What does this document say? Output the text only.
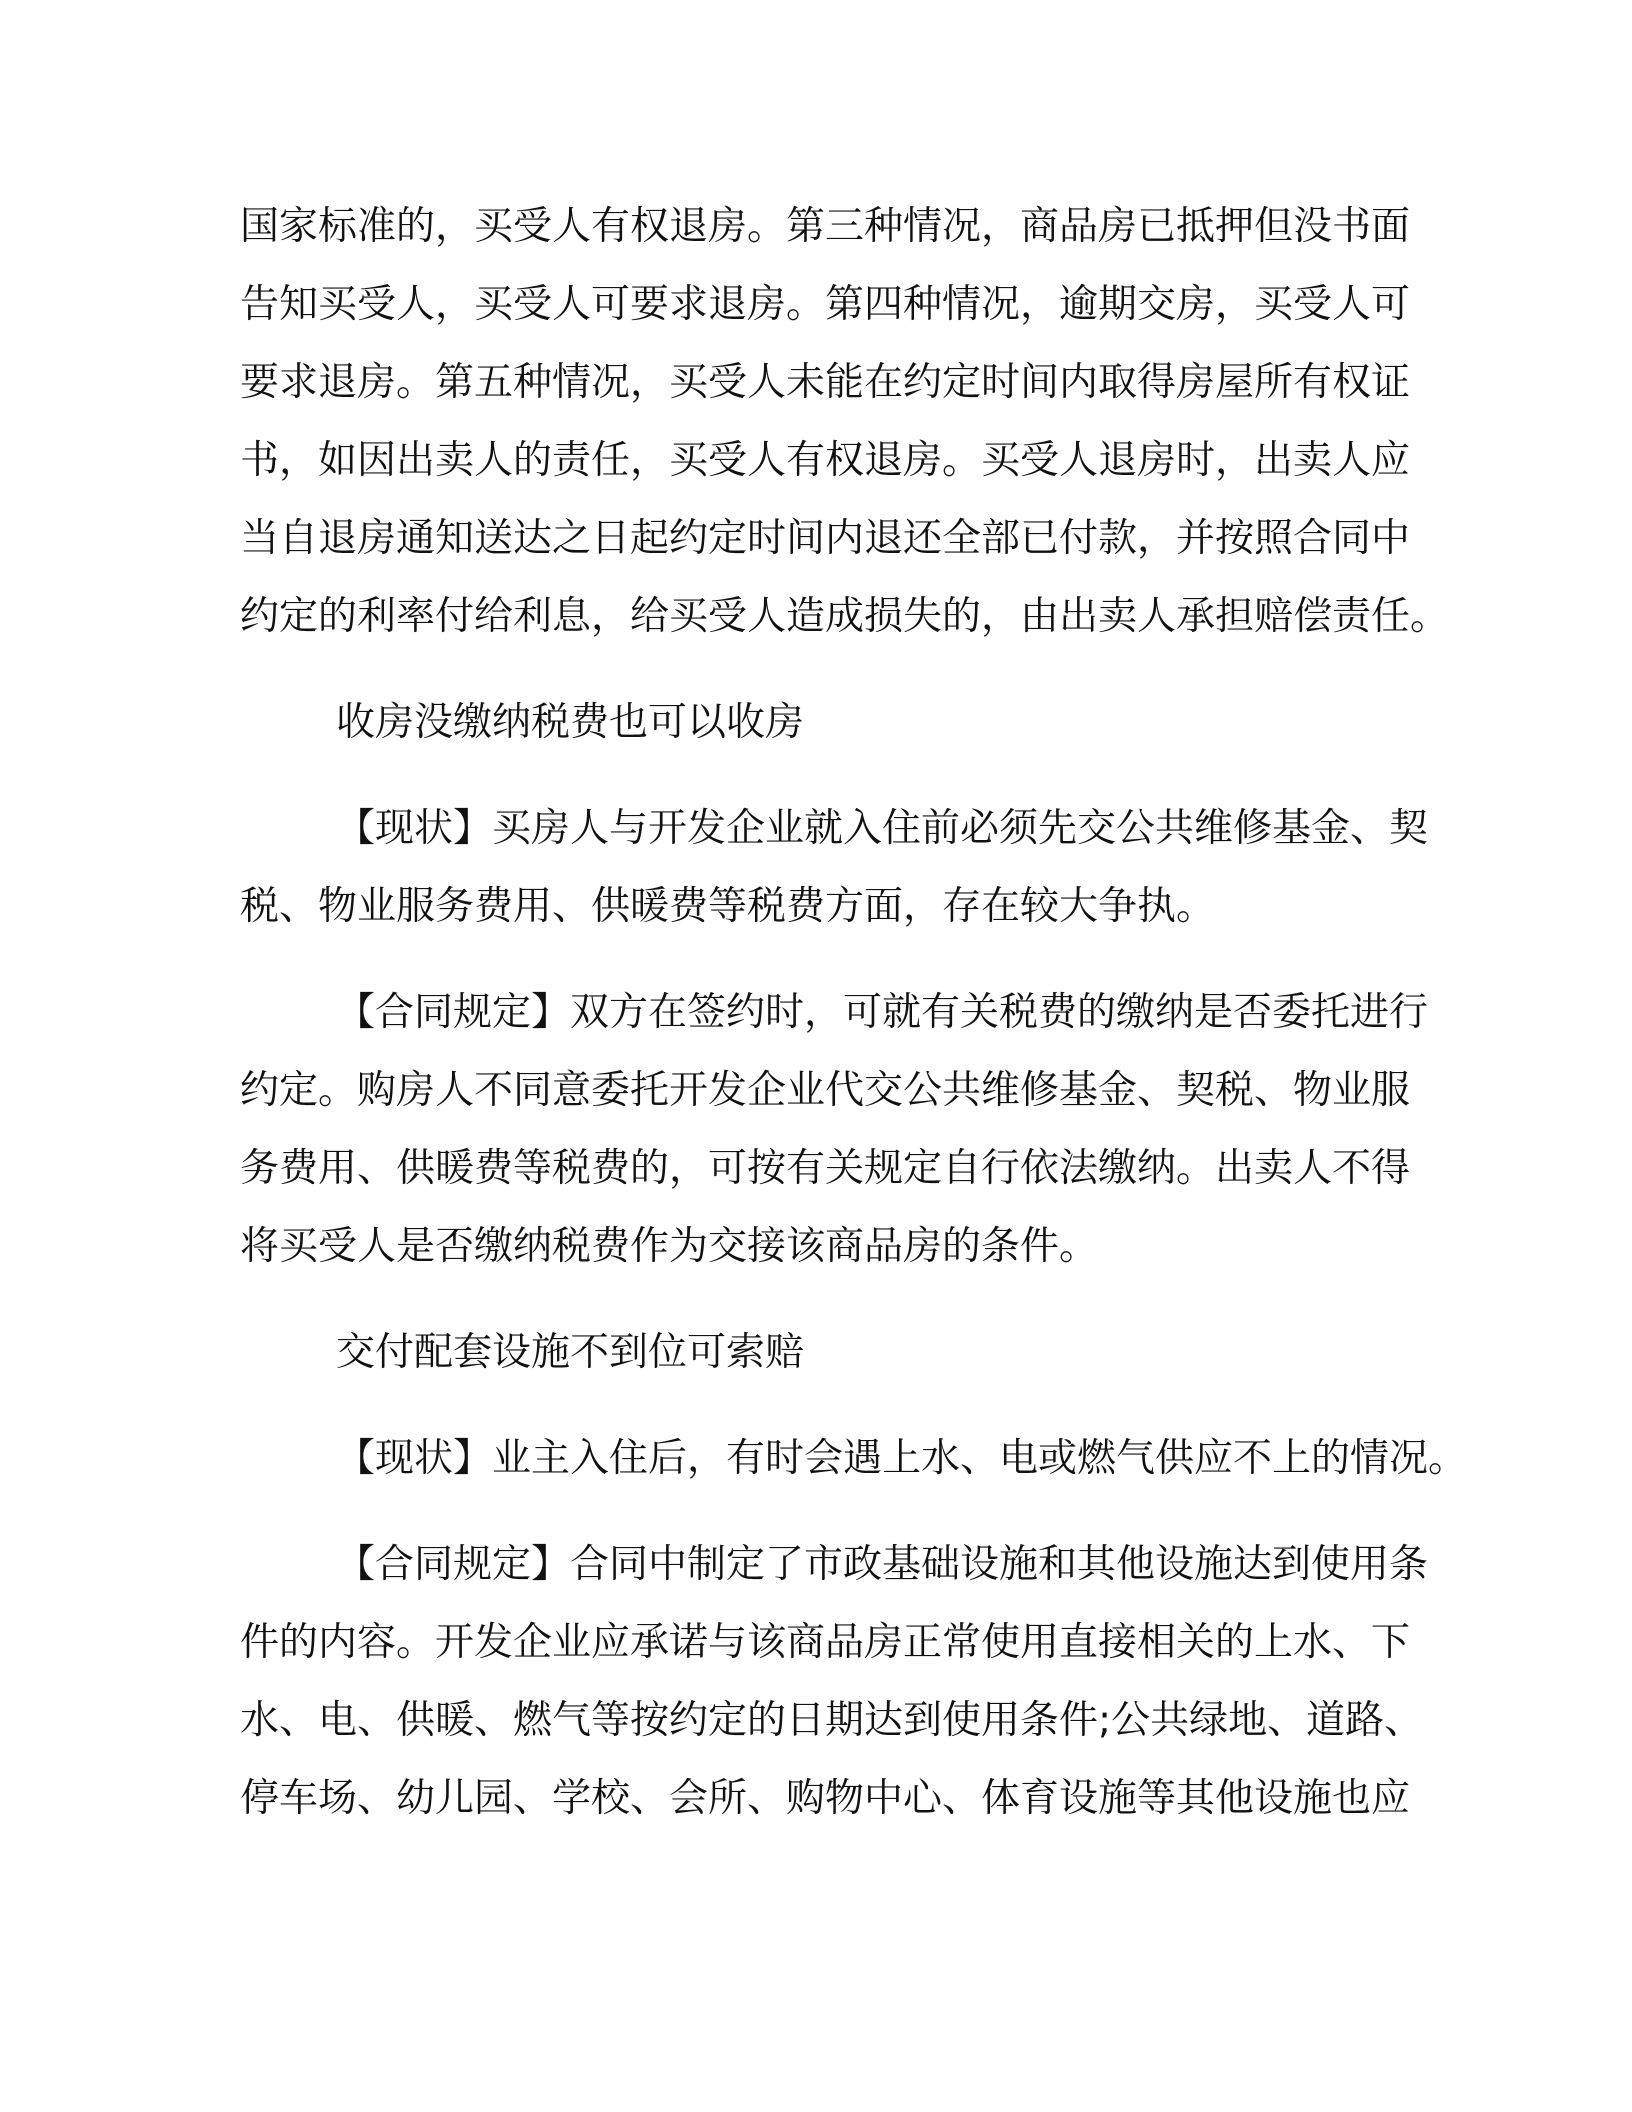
国家标准的，买受人有权退房。第三种情况，商品房已抵押但没书面
告知买受人，买受人可要求退房。第四种情况，逾期交房，买受人可
要求退房。第五种情况，买受人未能在约定时间内取得房屋所有权证
书，如因出卖人的责任，买受人有权退房。买受人退房时，出卖人应
当自退房通知送达之日起约定时间内退还全部已付款，并按照合同中
约定的利率付给利息，给买受人造成损失的，由出卖人承担赔偿责任。
收房没缴纳税费也可以收房
【现状】买房人与开发企业就入住前必须先交公共维修基金、契
税、物业服务费用、供暖费等税费方面，存在较大争执。
【合同规定】双方在签约时，可就有关税费的缴纳是否委托进行
约定。购房人不同意委托开发企业代交公共维修基金、契税、物业服
务费用、供暖费等税费的，可按有关规定自行依法缴纳。出卖人不得
将买受人是否缴纳税费作为交接该商品房的条件。
交付配套设施不到位可索赔
【现状】业主入住后，有时会遇上水、电或燃气供应不上的情况。
【合同规定】合同中制定了市政基础设施和其他设施达到使用条
件的内容。开发企业应承诺与该商品房正常使用直接相关的上水、下
水、电、供暖、燃气等按约定的日期达到使用条件;公共绿地、道路、
停车场、幼儿园、学校、会所、购物中心、体育设施等其他设施也应
